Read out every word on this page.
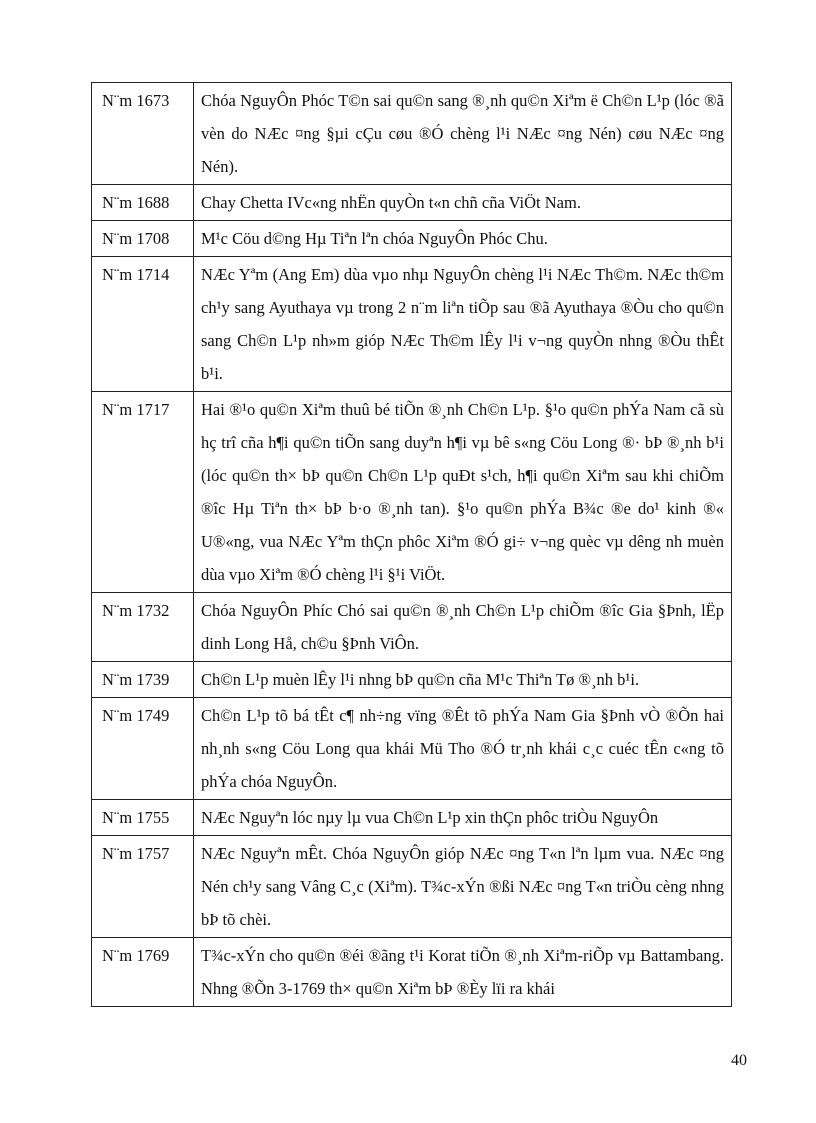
N¨m 1673	Chóa NguyÔn Phóc T©n sai qu©n sang ®¸nh qu©n Xiªm ë Ch©n L¹p (lóc ®ã vèn do NÆc ¤ng §µi cÇu cøu ®Ó chèng l¹i NÆc ¤ng Nén) cøu NÆc ¤ng Nén).
N¨m 1688	Chay Chetta IVc«ng nhËn quyÒn t«n chñ cña ViÖt Nam.
N¨m 1708	M¹c Cöu d©ng Hµ Tiªn lªn chóa NguyÔn Phóc Chu.
N¨m 1714	NÆc Yªm (Ang Em) dùa vµo nhµ NguyÔn chèng l¹i NÆc Th©m. NÆc th©m ch¹y sang Ayuthaya vµ trong 2 n¨m liªn tiÕp sau ®ã Ayuthaya ®Òu cho qu©n sang Ch©n L¹p nh»m gióp NÆc Th©m lÊy l¹i v¬ng quyÒn nhng ®Òu thÊt b¹i.
N¨m 1717	Hai ®¹o qu©n Xiªm thuû bé tiÕn ®¸nh Ch©n L¹p. §¹o qu©n phÝa Nam cã sù hç trî cña h¶i qu©n tiÕn sang duyªn h¶i vµ bê s«ng Cöu Long ®· bÞ ®¸nh b¹i (lóc qu©n th× bÞ qu©n Ch©n L¹p quÐt s¹ch, h¶i qu©n Xiªm sau khi chiÕm ®îc Hµ Tiªn th× bÞ b·o ®¸nh tan). §¹o qu©n phÝa B¾c ®e do¹ kinh ®« U®«ng, vua NÆc Yªm thÇn phôc Xiªm ®Ó gi÷ v¬ng quèc vµ dêng nh muèn dùa vµo Xiªm ®Ó chèng l¹i §¹i ViÖt.
N¨m 1732	Chóa NguyÔn Phíc Chó sai qu©n ®¸nh Ch©n L¹p chiÕm ®îc Gia §Þnh, lËp dinh Long Hå, ch©u §Þnh ViÔn.
N¨m 1739	Ch©n L¹p muèn lÊy l¹i nhng bÞ qu©n cña M¹c Thiªn Tø ®¸nh b¹i.
N¨m 1749	Ch©n L¹p tõ bá tÊt c¶ nh÷ng vïng ®Êt tõ phÝa Nam Gia §Þnh vÒ ®Õn hai nh¸nh s«ng Cöu Long qua khái Mü Tho ®Ó tr¸nh khái c¸c cuéc tÊn c«ng tõ phÝa chóa NguyÔn.
N¨m 1755	NÆc Nguyªn lóc nµy lµ vua Ch©n L¹p xin thÇn phôc triÒu NguyÔn
N¨m 1757	NÆc Nguyªn mÊt. Chóa NguyÔn gióp NÆc ¤ng T«n lªn lµm vua. NÆc ¤ng Nén ch¹y sang Vâng C¸c (Xiªm). T¾c-xÝn ®ßi NÆc ¤ng T«n triÒu cèng nhng bÞ tõ chèi.
N¨m 1769	T¾c-xÝn cho qu©n ®éi ®ãng t¹i Korat tiÕn ®¸nh Xiªm-riÕp vµ Battambang. Nhng ®Õn 3-1769 th× qu©n Xiªm bÞ ®Èy lïi ra khái
40
